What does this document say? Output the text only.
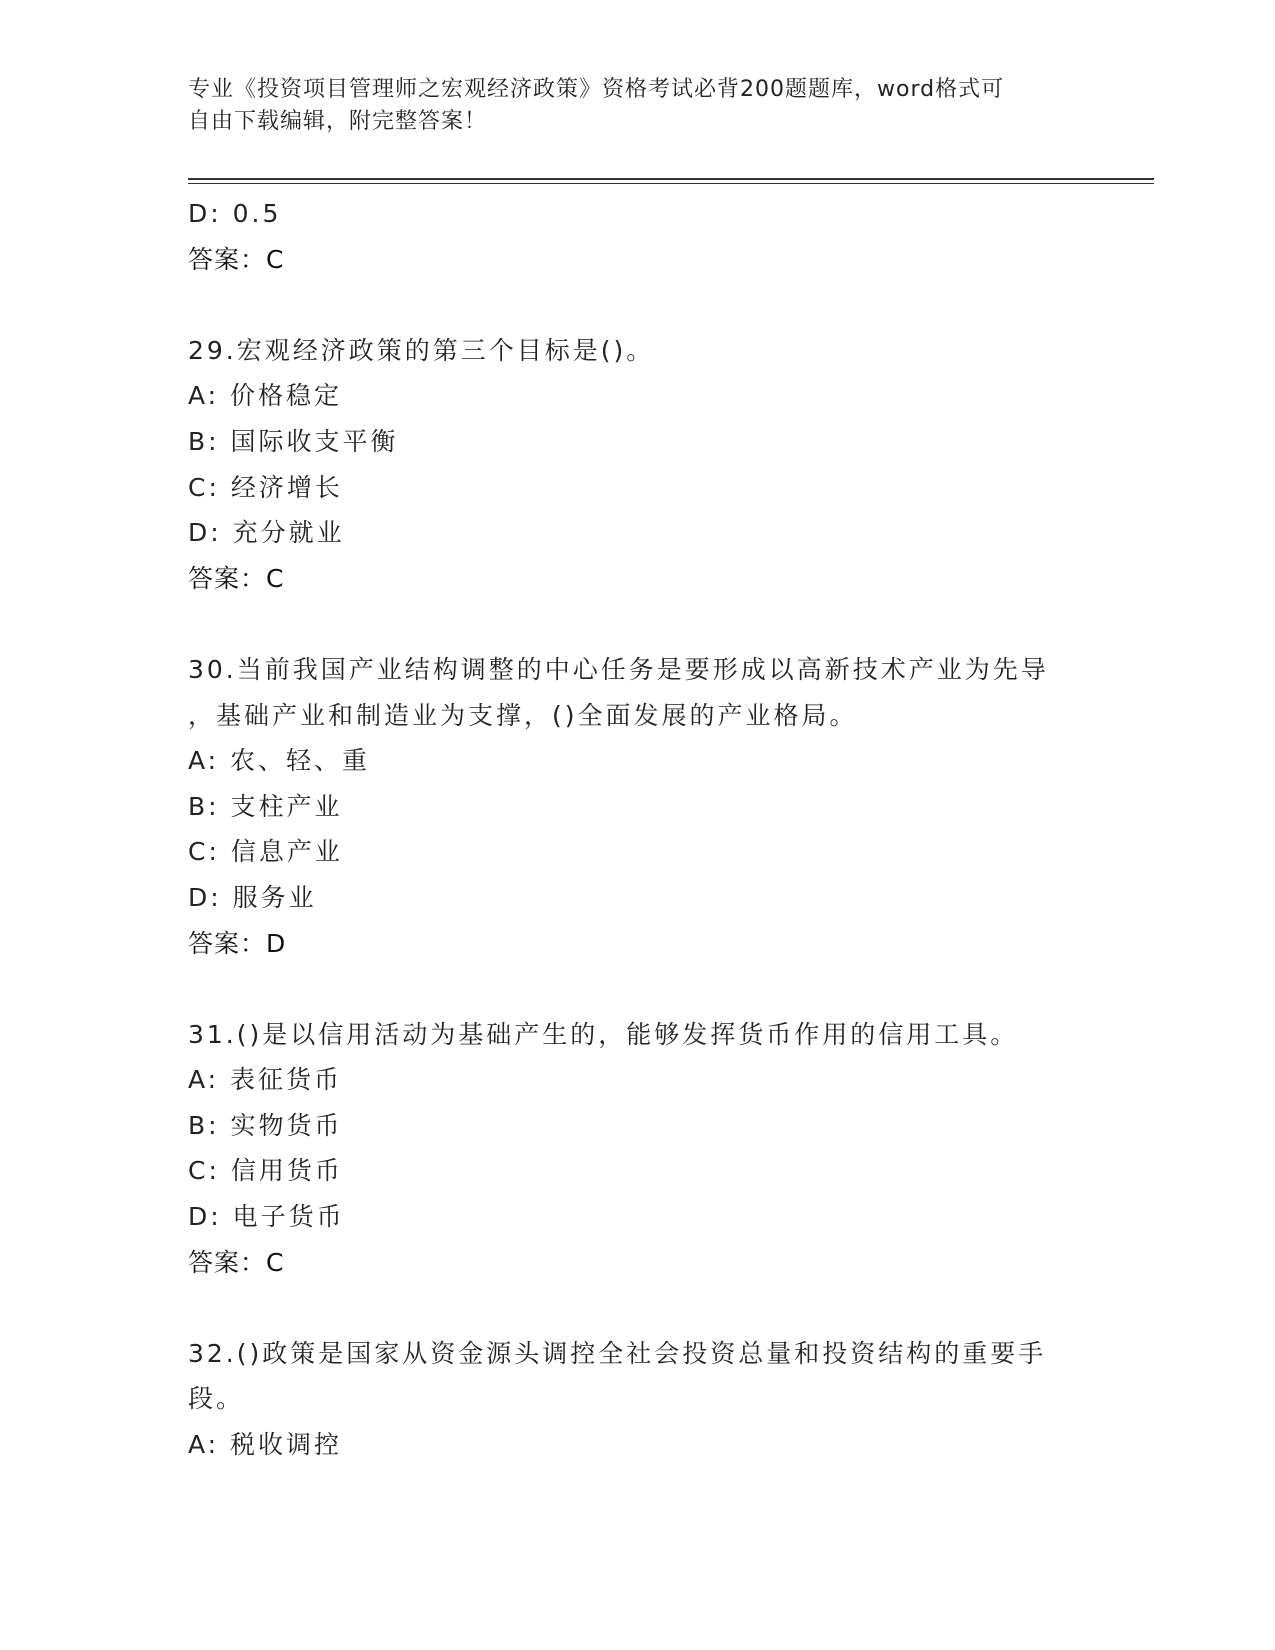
专业《投资项目管理师之宏观经济政策》资格考试必背200题题库，word格式可
自由下载编辑，附完整答案！
D: 0.5
答案：C
29.宏观经济政策的第三个目标是()。
A: 价格稳定
B: 国际收支平衡
C: 经济增长
D: 充分就业
答案：C
30.当前我国产业结构调整的中心任务是要形成以高新技术产业为先导
，基础产业和制造业为支撑，()全面发展的产业格局。
A: 农、轻、重
B: 支柱产业
C: 信息产业
D: 服务业
答案：D
31.()是以信用活动为基础产生的，能够发挥货币作用的信用工具。
A: 表征货币
B: 实物货币
C: 信用货币
D: 电子货币
答案：C
32.()政策是国家从资金源头调控全社会投资总量和投资结构的重要手
段。
A: 税收调控
